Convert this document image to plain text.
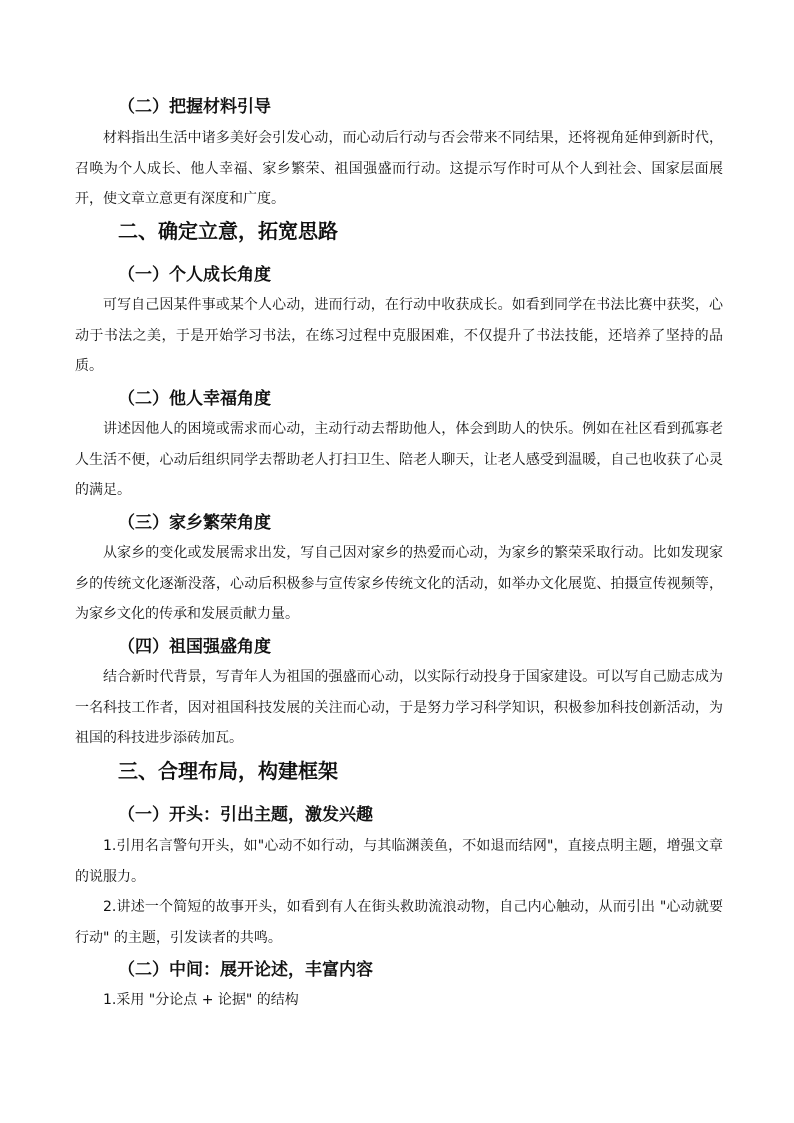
（二）把握材料引导

材料指出生活中诸多美好会引发心动，而心动后行动与否会带来不同结果，还将视角延伸到新时代，召唤为个人成长、他人幸福、家乡繁荣、祖国强盛而行动。这提示写作时可从个人到社会、国家层面展开，使文章立意更有深度和广度。

二、确定立意，拓宽思路
（一）个人成长角度

可写自己因某件事或某个人心动，进而行动，在行动中收获成长。如看到同学在书法比赛中获奖，心动于书法之美，于是开始学习书法，在练习过程中克服困难，不仅提升了书法技能，还培养了坚持的品质。

（二）他人幸福角度

讲述因他人的困境或需求而心动，主动行动去帮助他人，体会到助人的快乐。例如在社区看到孤寡老人生活不便，心动后组织同学去帮助老人打扫卫生、陪老人聊天，让老人感受到温暖，自己也收获了心灵的满足。

（三）家乡繁荣角度

从家乡的变化或发展需求出发，写自己因对家乡的热爱而心动，为家乡的繁荣采取行动。比如发现家乡的传统文化逐渐没落，心动后积极参与宣传家乡传统文化的活动，如举办文化展览、拍摄宣传视频等，为家乡文化的传承和发展贡献力量。

（四）祖国强盛角度

结合新时代背景，写青年人为祖国的强盛而心动，以实际行动投身于国家建设。可以写自己励志成为一名科技工作者，因对祖国科技发展的关注而心动，于是努力学习科学知识，积极参加科技创新活动，为祖国的科技进步添砖加瓦。

三、合理布局，构建框架
（一）开头：引出主题，激发兴趣

1.引用名言警句开头，如"心动不如行动，与其临渊羡鱼，不如退而结网"，直接点明主题，增强文章的说服力。

2.讲述一个简短的故事开头，如看到有人在街头救助流浪动物，自己内心触动，从而引出 "心动就要行动" 的主题，引发读者的共鸣。

（二）中间：展开论述，丰富内容

1.采用 "分论点 + 论据" 的结构
